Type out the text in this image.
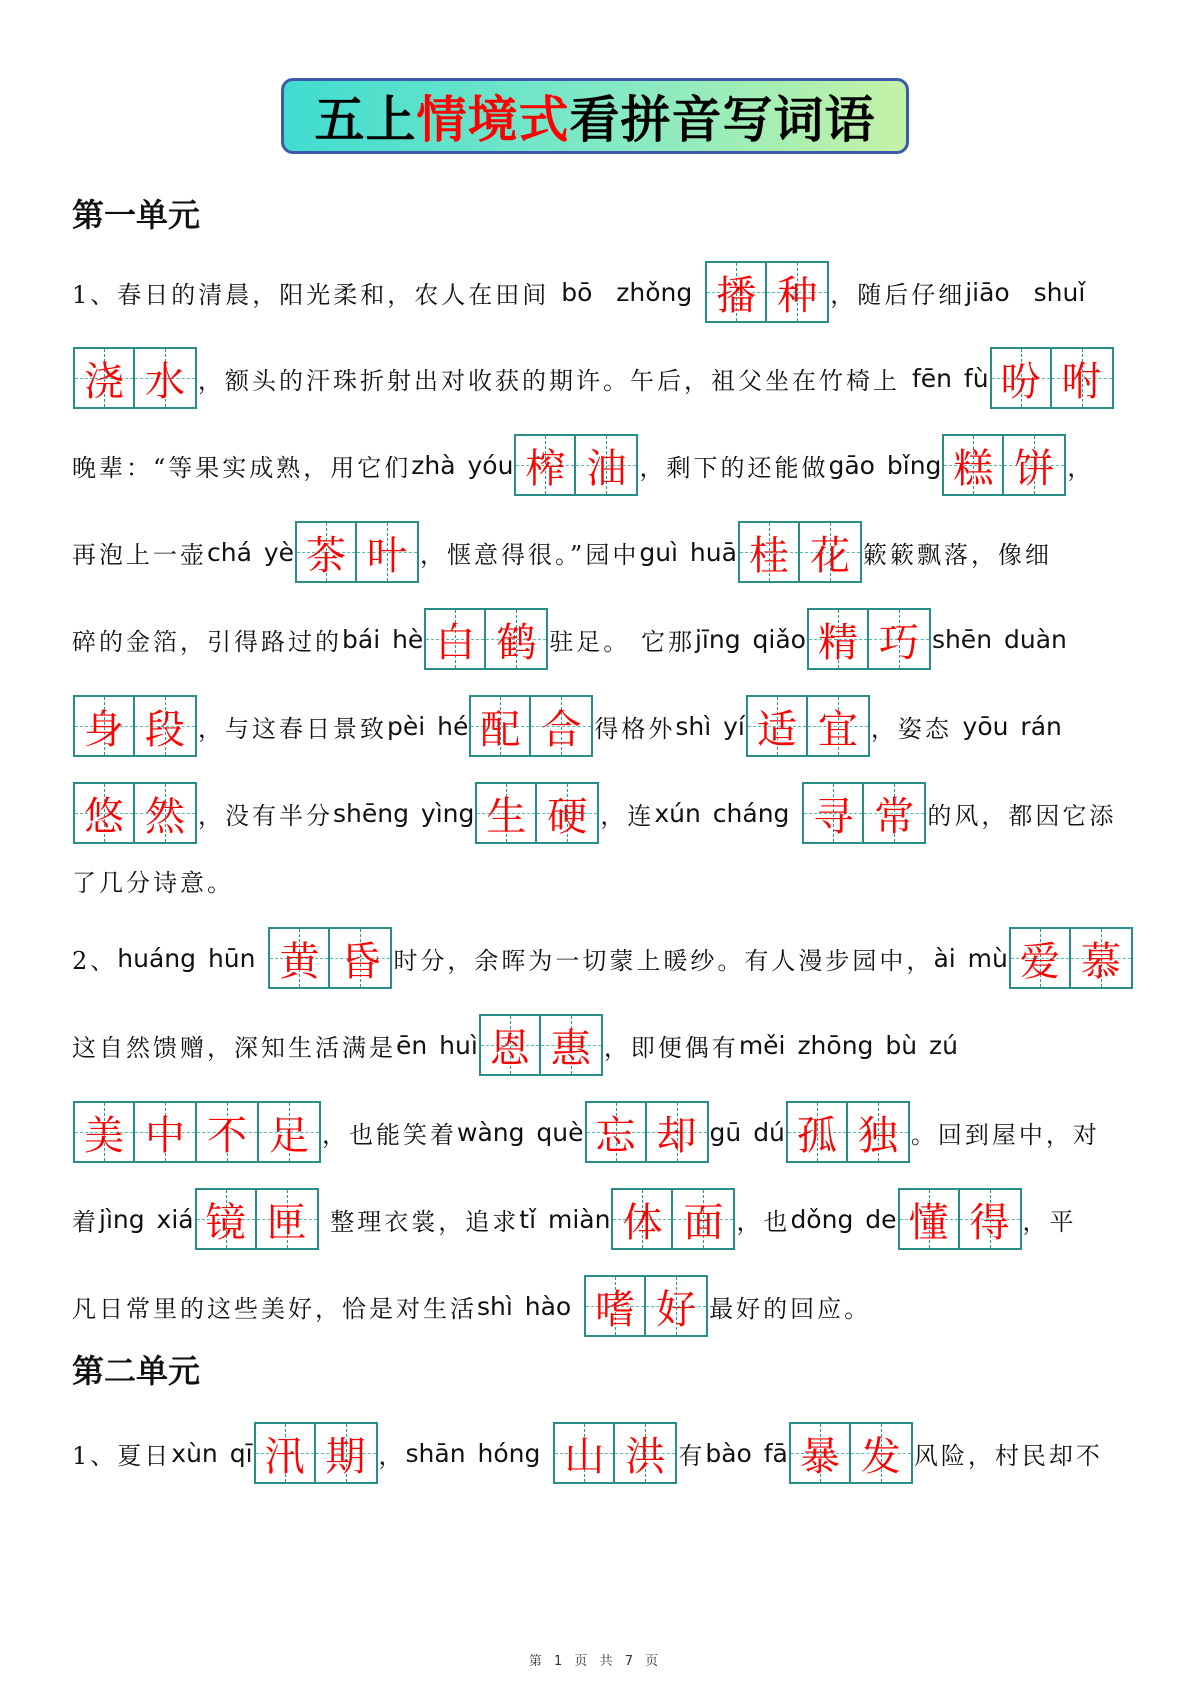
五上情境式看拼音写词语
第一单元
1、春日的清晨，阳光柔和，农人在田间 bō  zhǒng 播 种 ，随后仔细 jiāo  shuǐ
浇 水 ，额头的汗珠折射出对收获的期许。午后，祖父坐在竹椅上 fēn fù 吩 咐
晚辈：“等果实成熟，用它们 zhà yóu 榨 油 ，剩下的还能做 gāo bǐng 糕 饼 ，
再泡上一壶 chá yè 茶 叶 ，惬意得很。”园中 guì huā 桂 花 簌簌飘落，像细
碎的金箔，引得路过的 bái hè 白 鹤 驻足。 它那 jīng qiǎo 精 巧 shēn duàn
身 段 ，与这春日景致 pèi hé 配 合 得格外 shì yí 适 宜 ，姿态 yōu rán
悠 然 ，没有半分 shēng yìng 生 硬 ，连 xún cháng 寻 常 的风，都因它添
了几分诗意。
2、 huáng hūn 黄 昏 时分，余晖为一切蒙上暖纱。有人漫步园中， ài mù 爱 慕
这自然馈赠，深知生活满是 ēn huì 恩 惠 ，即便偶有 měi zhōng bù zú
美 中 不 足 ，也能笑着 wàng què 忘 却 gū dú 孤 独 。回到屋中，对
着 jìng xiá 镜 匣 整理衣裳，追求 tǐ miàn 体 面 ，也 dǒng de 懂 得 ，平
凡日常里的这些美好，恰是对生活 shì hào 嗜 好 最好的回应。
第二单元
1、夏日 xùn qī 汛 期 ， shān hóng 山 洪 有 bào fā 暴 发 风险，村民却不
第 1 页 共 7 页
